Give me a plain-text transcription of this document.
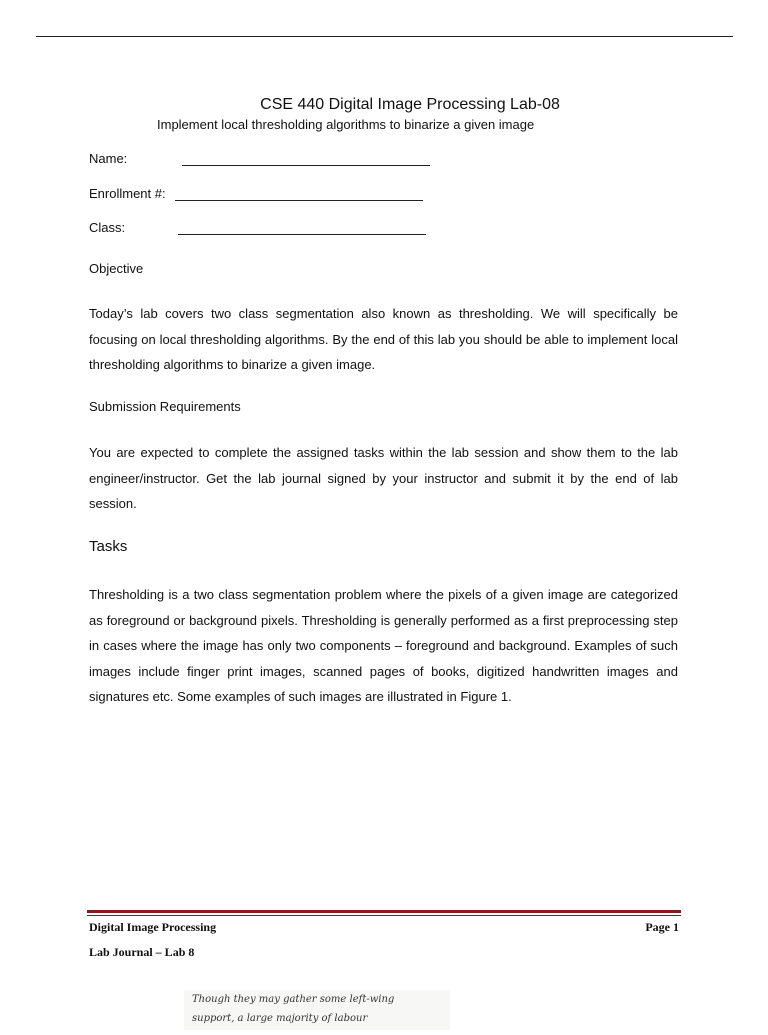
CSE 440 Digital Image Processing Lab-08
Implement local thresholding algorithms to binarize a given image
Name:
Enrollment #:
Class:
Objective
Today’s lab covers two class segmentation also known as thresholding. We will specifically be focusing on local thresholding algorithms. By the end of this lab you should be able to implement local thresholding algorithms to binarize a given image.
Submission Requirements
You are expected to complete the assigned tasks within the lab session and show them to the lab engineer/instructor. Get the lab journal signed by your instructor and submit it by the end of lab session.
Tasks
Thresholding is a two class segmentation problem where the pixels of a given image are categorized as foreground or background pixels. Thresholding is generally performed as a first preprocessing step in cases where the image has only two components – foreground and background. Examples of such images include finger print images, scanned pages of books, digitized handwritten images and signatures etc. Some examples of such images are illustrated in Figure 1.
Digital Image Processing	Page 1
Lab Journal – Lab 8
Though they may gather some left-wing
support, a large majority of labour
